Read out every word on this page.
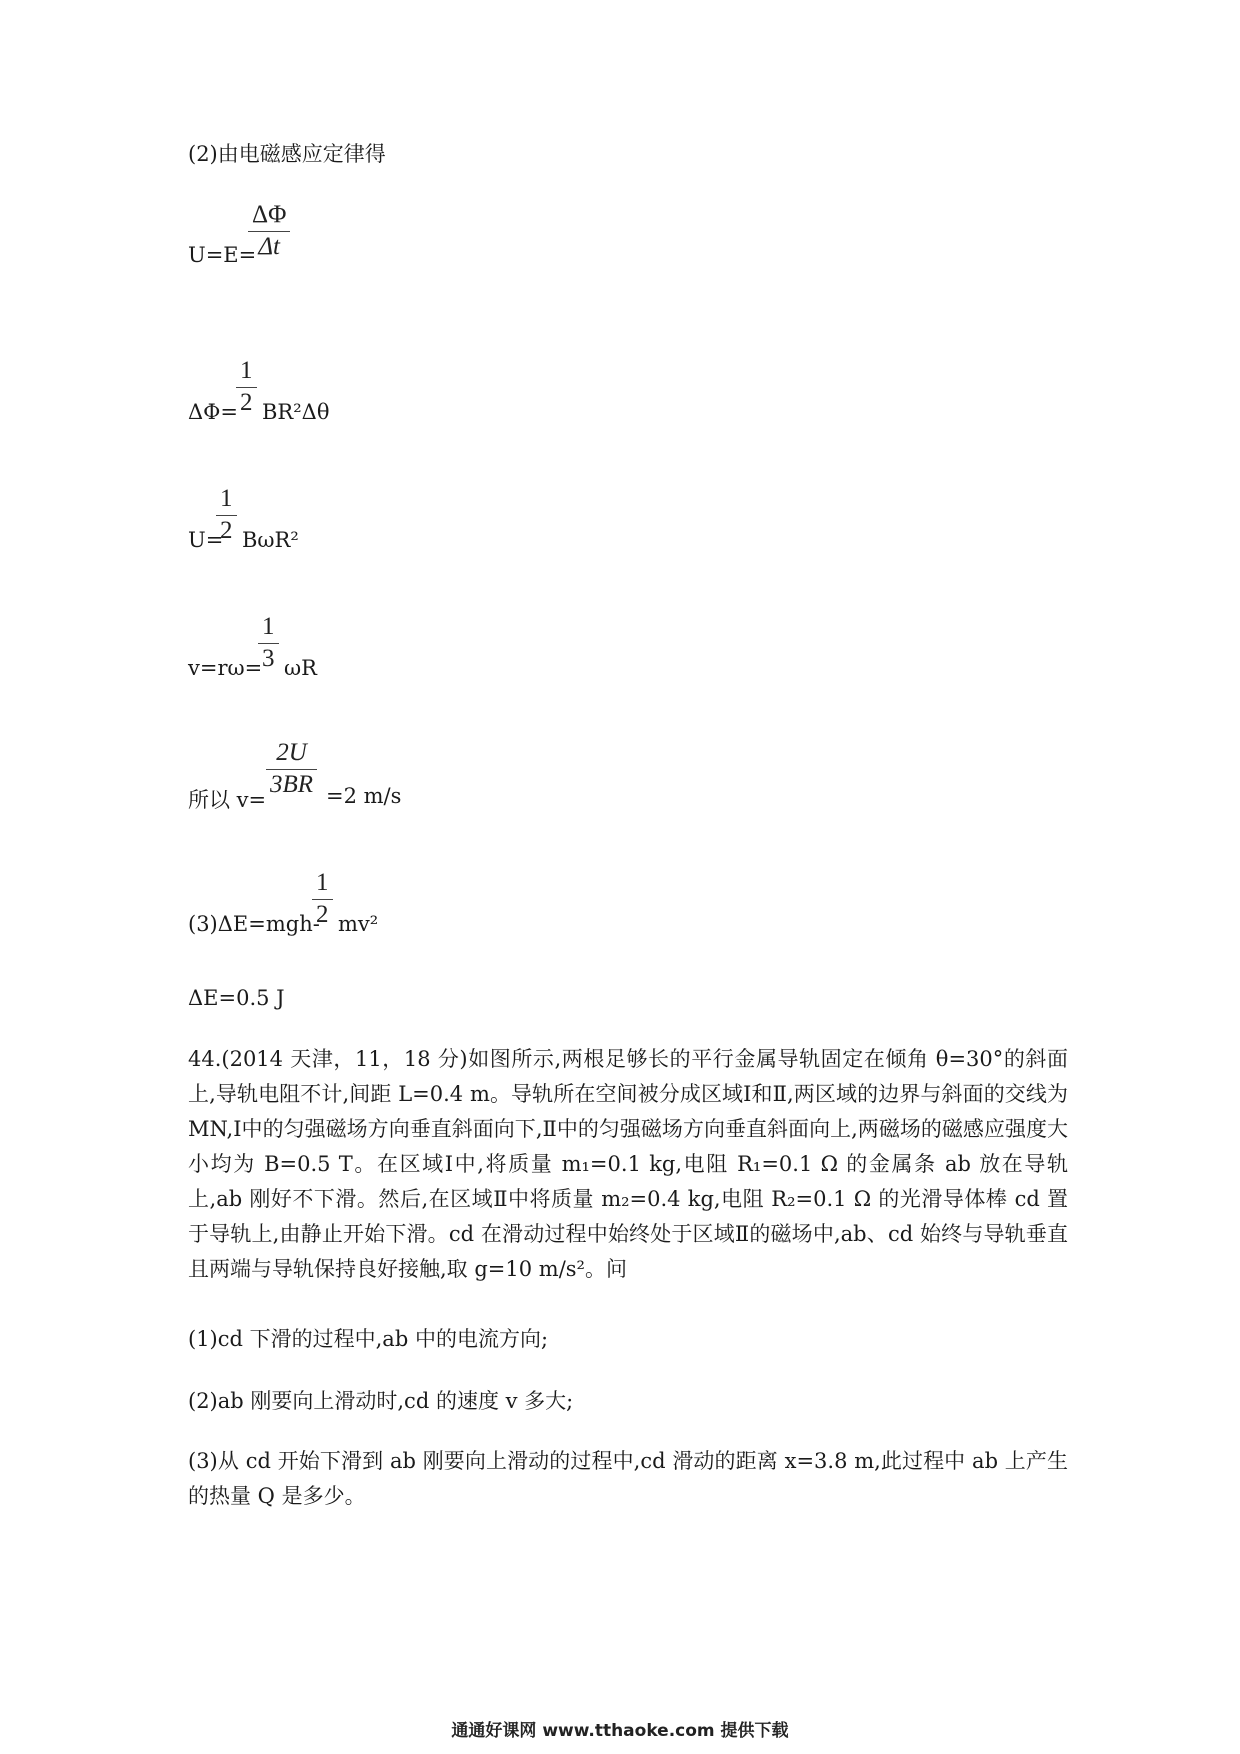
(2)由电磁感应定律得
U=E=
ΔΦ
Δt
ΔΦ=
1
2 BR²Δθ
U=
1
2 BωR²
v=rω=
1
3 ωR
所以 v=
2U
3BR =2 m/s
(3)ΔE=mgh-
1
2 mv²
ΔE=0.5 J
44.(2014 天津，11，18 分)如图所示,两根足够长的平行金属导轨固定在倾角 θ=30°的斜面上,导轨电阻不计,间距 L=0.4 m。导轨所在空间被分成区域Ⅰ和Ⅱ,两区域的边界与斜面的交线为 MN,Ⅰ中的匀强磁场方向垂直斜面向下,Ⅱ中的匀强磁场方向垂直斜面向上,两磁场的磁感应强度大小均为 B=0.5 T。在区域Ⅰ中,将质量 m₁=0.1 kg,电阻 R₁=0.1 Ω 的金属条 ab 放在导轨上,ab 刚好不下滑。然后,在区域Ⅱ中将质量 m₂=0.4 kg,电阻 R₂=0.1 Ω 的光滑导体棒 cd 置于导轨上,由静止开始下滑。cd 在滑动过程中始终处于区域Ⅱ的磁场中,ab、cd 始终与导轨垂直且两端与导轨保持良好接触,取 g=10 m/s²。问
(1)cd 下滑的过程中,ab 中的电流方向;
(2)ab 刚要向上滑动时,cd 的速度 v 多大;
(3)从 cd 开始下滑到 ab 刚要向上滑动的过程中,cd 滑动的距离 x=3.8 m,此过程中 ab 上产生的热量 Q 是多少。
通通好课网 www.tthaoke.com 提供下载
